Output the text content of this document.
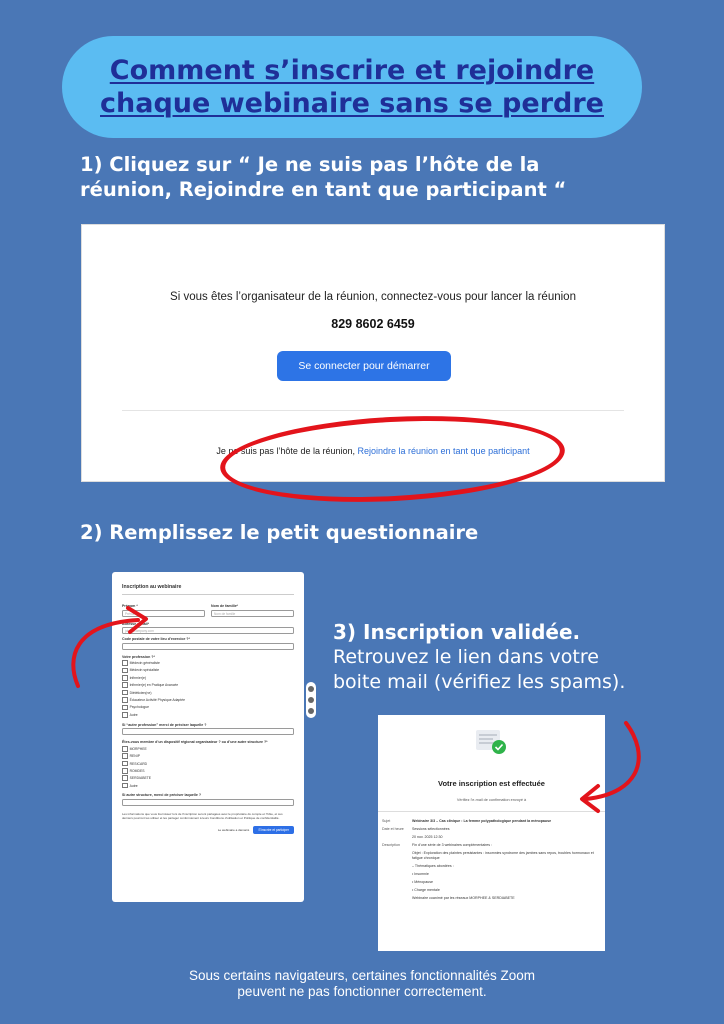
Comment s’inscrire et rejoindre
chaque webinaire sans se perdre
1) Cliquez sur “ Je ne suis pas l’hôte de la
réunion, Rejoindre en tant que participant “
Si vous êtes l’organisateur de la réunion, connectez-vous pour lancer la réunion
829 8602 6459
Se connecter pour démarrer
Je ne suis pas l’hôte de la réunion, Rejoindre la réunion en tant que participant
2) Remplissez le petit questionnaire
Inscription au webinaire
Prénom *
Prénom
Nom de famille*
Nom de famille
Adresse e-mail*
john@company.com
Code postale de votre lieu d’exercice ?*
Votre profession ?*
Médecin généraliste
Médecin spécialiste
Infirmier(e)
Infirmier(e) en Pratique Avancée
Diététicien(ne)
Éducateur Activité Physique Adaptée
Psychologue
Autre
Si “autre profession” merci de préciser laquelle ?
Êtes-vous membre d’un dispositif régional organisateur ? ou d’une autre structure ?*
MORPHEE
RENIP
RESICARD
ROMDES
SERDIABETE
Autre
Si autre structure, merci de préciser laquelle ?
Les informations que vous fournissez lors de l’inscription seront partagées avec le propriétaire du compte et l’hôte, et ces derniers pourront les utiliser et les partager conformément à leurs Conditions d’utilisation et Politique de confidentialité.
Le webinaire a démarré	S’inscrire et participer
3) Inscription validée.
Retrouvez le lien dans votre
boite mail (vérifiez les spams).
Votre inscription est effectuée
Vérifiez l’e-mail de confirmation envoyé à
Sujet	Webinaire 3/3 – Cas clinique : La femme polypathologique pendant la ménopause
Date et heure	Sessions sélectionnées
	20 nov. 2025 12:30
Description	Fin d’une série de 3 webinaires complémentaires :
	Objet : Exploration des plaintes persistantes : insomnies syndrome des jambes sans repos, troubles hormonaux et fatigue chronique
	– Thématiques abordées :
	• Insomnie
	• Ménopause
	• Charge mentale
	Webinaire coanimé par les réseaux MORPHEE & SERDIABETE
Sous certains navigateurs, certaines fonctionnalités Zoom
peuvent ne pas fonctionner correctement.
